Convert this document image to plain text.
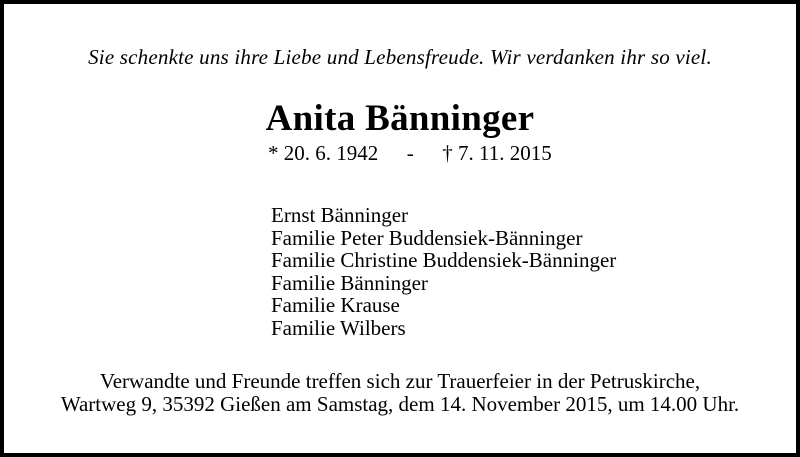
Sie schenkte uns ihre Liebe und Lebensfreude. Wir verdanken ihr so viel.
Anita Bänninger
* 20. 6. 1942 - † 7. 11. 2015
Ernst Bänninger
Familie Peter Buddensiek-Bänninger
Familie Christine Buddensiek-Bänninger
Familie Bänninger
Familie Krause
Familie Wilbers
Verwandte und Freunde treffen sich zur Trauerfeier in der Petruskirche,
Wartweg 9, 35392 Gießen am Samstag, dem 14. November 2015, um 14.00 Uhr.
